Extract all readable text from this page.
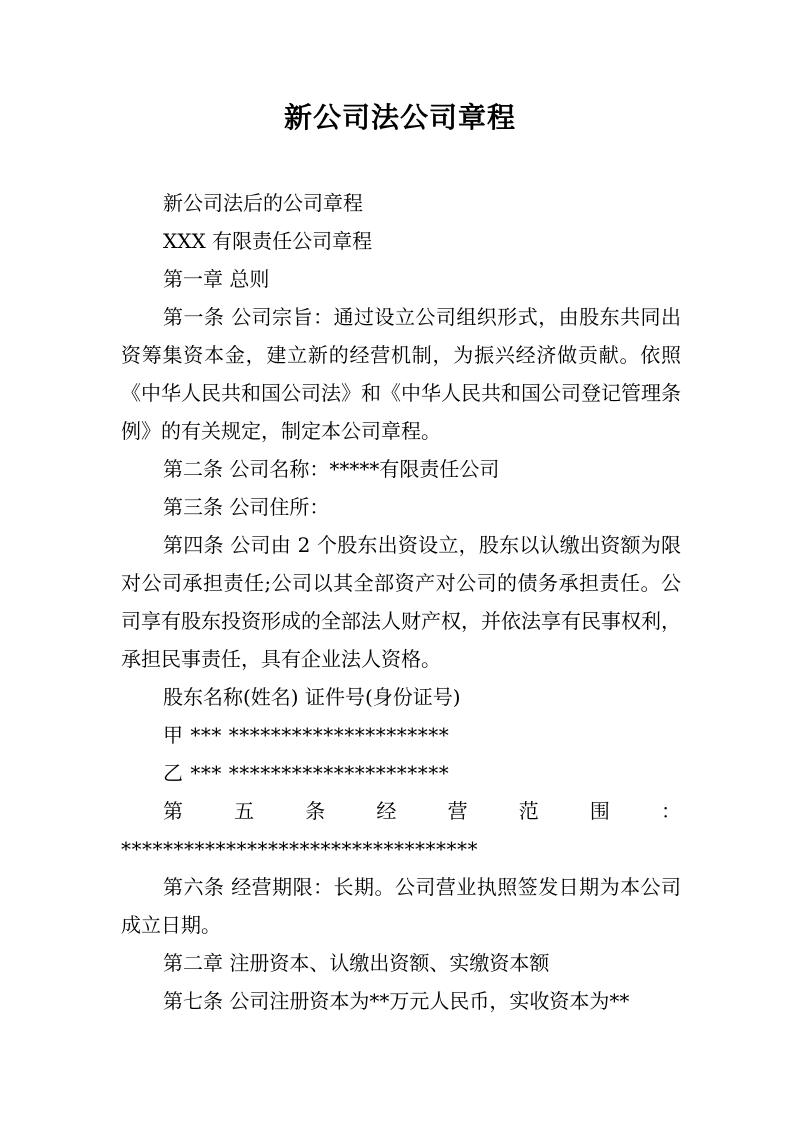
新公司法公司章程

新公司法后的公司章程

XXX 有限责任公司章程

第一章 总则

第一条 公司宗旨：通过设立公司组织形式，由股东共同出资筹集资本金，建立新的经营机制，为振兴经济做贡献。依照《中华人民共和国公司法》和《中华人民共和国公司登记管理条例》的有关规定，制定本公司章程。

第二条 公司名称：*****有限责任公司

第三条 公司住所：

第四条 公司由 2 个股东出资设立，股东以认缴出资额为限对公司承担责任;公司以其全部资产对公司的债务承担责任。公司享有股东投资形成的全部法人财产权，并依法享有民事权利，承担民事责任，具有企业法人资格。

股东名称(姓名) 证件号(身份证号)

甲 *** *********************

乙 *** *********************

第	五	条	经	营	范	围	：

**********************************

第六条 经营期限：长期。公司营业执照签发日期为本公司成立日期。

第二章 注册资本、认缴出资额、实缴资本额

第七条 公司注册资本为**万元人民币，实收资本为**
